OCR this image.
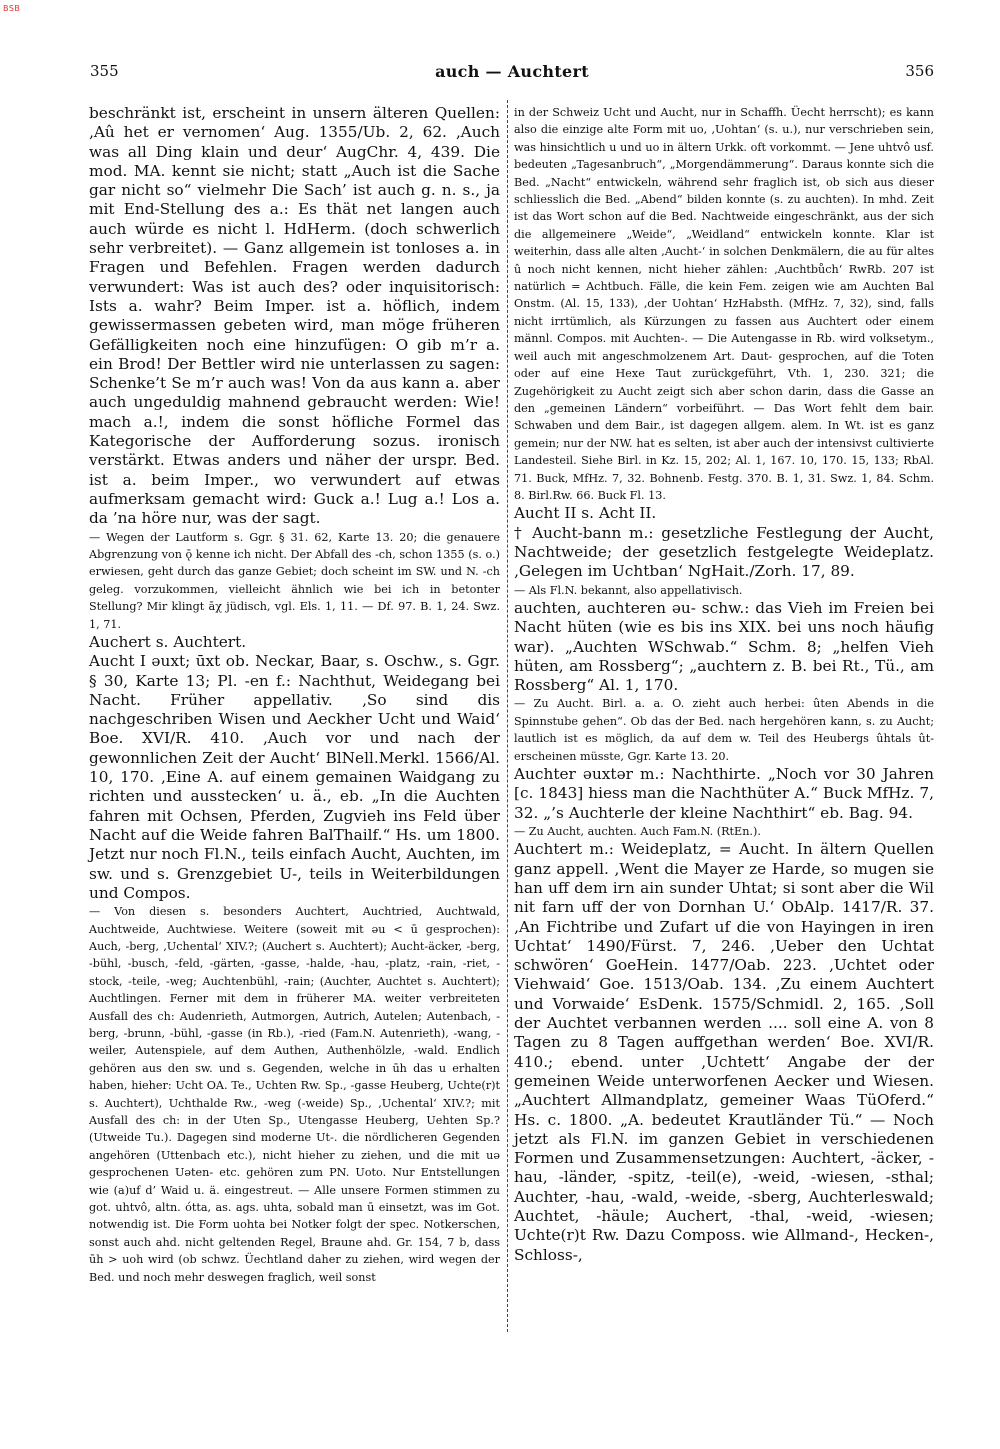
BSB
355	auch — Auchtert	356

beschränkt ist, erscheint in unsern älteren Quellen: ‚Aû het er vernomen‘ Aug. 1355/Ub. 2, 62. ‚Auch was all Ding klain und deur‘ AugChr. 4, 439. Die mod. MA. kennt sie nicht; statt „Auch ist die Sache gar nicht so“ vielmehr Die Sach’ ist auch g. n. s., ja mit End-Stellung des a.: Es thät net langen auch auch würde es nicht l. HdHerm. (doch schwerlich sehr verbreitet). — Ganz allgemein ist tonloses a. in Fragen und Befehlen. Fragen werden dadurch verwundert: Was ist auch des? oder inquisitorisch: Ists a. wahr? Beim Imper. ist a. höflich, indem gewissermassen gebeten wird, man möge früheren Gefälligkeiten noch eine hinzufügen: O gib m’r a. ein Brod! Der Bettler wird nie unterlassen zu sagen: Schenke’t Se m’r auch was! Von da aus kann a. aber auch ungeduldig mahnend gebraucht werden: Wie! mach a.!, indem die sonst höfliche Formel das Kategorische der Aufforderung sozus. ironisch verstärkt. Etwas anders und näher der urspr. Bed. ist a. beim Imper., wo verwundert auf etwas aufmerksam gemacht wird: Guck a.! Lug a.! Los a. da ’na höre nur, was der sagt.

— Wegen der Lautform s. Ggr. § 31. 62, Karte 13. 20; die genauere Abgrenzung von ǭ kenne ich nicht. Der Abfall des -ch, schon 1355 (s. o.) erwiesen, geht durch das ganze Gebiet; doch scheint im SW. und N. -ch geleg. vorzukommen, vielleicht ähnlich wie bei ich in betonter Stellung? Mir klingt āχ jüdisch, vgl. Els. 1, 11. — Df. 97. B. 1, 24. Swz. 1, 71.

Auchert s. Auchtert.

Aucht I əuxt; ūxt ob. Neckar, Baar, s. Oschw., s. Ggr. § 30, Karte 13; Pl. -en f.: Nachthut, Weidegang bei Nacht. Früher appellativ. ‚So sind dis nachgeschriben Wisen und Aeckher Ucht und Waid‘ Boe. XVI/R. 410. ‚Auch vor und nach der gewonnlichen Zeit der Aucht‘ BlNell.Merkl. 1566/Al. 10, 170. ‚Eine A. auf einem gemainen Waidgang zu richten und ausstecken‘ u. ä., eb. „In die Auchten fahren mit Ochsen, Pferden, Zugvieh ins Feld über Nacht auf die Weide fahren BalThailf.“ Hs. um 1800. Jetzt nur noch Fl.N., teils einfach Aucht, Auchten, im sw. und s. Grenzgebiet U-, teils in Weiterbildungen und Compos.

— Von diesen s. besonders Auchtert, Auchtried, Auchtwald, Auchtweide, Auchtwiese. Weitere (soweit mit əu < ū gesprochen): Auch, -berg, ‚Uchental‘ XIV.?; (Auchert s. Auchtert); Aucht-äcker, -berg, -bühl, -busch, -feld, -gärten, -gasse, -halde, -hau, -platz, -rain, -riet, -stock, -teile, -weg; Auchtenbühl, -rain; (Auchter, Auchtet s. Auchtert); Auchtlingen. Ferner mit dem in früherer MA. weiter verbreiteten Ausfall des ch: Audenrieth, Autmorgen, Autrich, Autelen; Autenbach, -berg, -brunn, -bühl, -gasse (in Rb.), -ried (Fam.N. Autenrieth), -wang, -weiler, Autenspiele, auf dem Authen, Authenhölzle, -wald. Endlich gehören aus den sw. und s. Gegenden, welche in ūh das u erhalten haben, hieher: Ucht OA. Te., Uchten Rw. Sp., -gasse Heuberg, Uchte(r)t s. Auchtert), Uchthalde Rw., -weg (-weide) Sp., ‚Uchental‘ XIV.?; mit Ausfall des ch: in der Uten Sp., Utengasse Heuberg, Uehten Sp.? (Utweide Tu.). Dagegen sind moderne Ut-. die nördlicheren Gegenden angehören (Uttenbach etc.), nicht hieher zu ziehen, und die mit uə gesprochenen Uəten- etc. gehören zum PN. Uoto. Nur Entstellungen wie (a)uf d’ Waid u. ä. eingestreut. — Alle unsere Formen stimmen zu got. uhtvô, altn. ótta, as. ags. uhta, sobald man ū einsetzt, was im Got. notwendig ist. Die Form uohta bei Notker folgt der spec. Notkerschen, sonst auch ahd. nicht geltenden Regel, Braune ahd. Gr. 154, 7 b, dass ūh > uoh wird (ob schwz. Üechtland daher zu ziehen, wird wegen der Bed. und noch mehr deswegen fraglich, weil sonst

in der Schweiz Ucht und Aucht, nur in Schaffh. Üecht herrscht); es kann also die einzige alte Form mit uo, ‚Uohtan‘ (s. u.), nur verschrieben sein, was hinsichtlich u und uo in ältern Urkk. oft vorkommt. — Jene uhtvô usf. bedeuten „Tagesanbruch“, „Morgendämmerung“. Daraus konnte sich die Bed. „Nacht“ entwickeln, während sehr fraglich ist, ob sich aus dieser schliesslich die Bed. „Abend“ bilden konnte (s. zu auchten). In mhd. Zeit ist das Wort schon auf die Bed. Nachtweide eingeschränkt, aus der sich die allgemeinere „Weide“, „Weidland“ entwickeln konnte. Klar ist weiterhin, dass alle alten ‚Aucht-‘ in solchen Denkmälern, die au für altes û noch nicht kennen, nicht hieher zählen: ‚Auchtbůch‘ RwRb. 207 ist natürlich = Achtbuch. Fälle, die kein Fem. zeigen wie am Auchten Bal Onstm. (Al. 15, 133), ‚der Uohtan‘ HzHabsth. (MfHz. 7, 32), sind, falls nicht irrtümlich, als Kürzungen zu fassen aus Auchtert oder einem männl. Compos. mit Auchten-. — Die Autengasse in Rb. wird volksetym., weil auch mit angeschmolzenem Art. Daut- gesprochen, auf die Toten oder auf eine Hexe Taut zurückgeführt, Vth. 1, 230. 321; die Zugehörigkeit zu Aucht zeigt sich aber schon darin, dass die Gasse an den „gemeinen Ländern“ vorbeiführt. — Das Wort fehlt dem bair. Schwaben und dem Bair., ist dagegen allgem. alem. In Wt. ist es ganz gemein; nur der NW. hat es selten, ist aber auch der intensivst cultivierte Landesteil. Siehe Birl. in Kz. 15, 202; Al. 1, 167. 10, 170. 15, 133; RbAl. 71. Buck, MfHz. 7, 32. Bohnenb. Festg. 370. B. 1, 31. Swz. 1, 84. Schm. 8. Birl.Rw. 66. Buck Fl. 13.

Aucht II s. Acht II.

† Aucht-bann m.: gesetzliche Festlegung der Aucht, Nachtweide; der gesetzlich festgelegte Weideplatz. ‚Gelegen im Uchtban‘ NgHait./Zorh. 17, 89.

— Als Fl.N. bekannt, also appellativisch.

auchten, auchteren əu- schw.: das Vieh im Freien bei Nacht hüten (wie es bis ins XIX. bei uns noch häufig war). „Auchten WSchwab.“ Schm. 8; „helfen Vieh hüten, am Rossberg“; „auchtern z. B. bei Rt., Tü., am Rossberg“ Al. 1, 170.

— Zu Aucht. Birl. a. a. O. zieht auch herbei: ûten Abends in die Spinnstube gehen“. Ob das der Bed. nach hergehören kann, s. zu Aucht; lautlich ist es möglich, da auf dem w. Teil des Heubergs ûhtals ût- erscheinen müsste, Ggr. Karte 13. 20.

Auchter əuxtər m.: Nachthirte. „Noch vor 30 Jahren [c. 1843] hiess man die Nachthüter A.“ Buck MfHz. 7, 32. „’s Auchterle der kleine Nachthirt“ eb. Bag. 94.

— Zu Aucht, auchten. Auch Fam.N. (RtEn.).

Auchtert m.: Weideplatz, = Aucht. In ältern Quellen ganz appell. ‚Went die Mayer ze Harde, so mugen sie han uff dem irn ain sunder Uhtat; si sont aber die Wil nit farn uff der von Dornhan U.‘ ObAlp. 1417/R. 37. ‚An Fichtribe und Zufart uf die von Hayingen in iren Uchtat‘ 1490/Fürst. 7, 246. ‚Ueber den Uchtat schwören‘ GoeHein. 1477/Oab. 223. ‚Uchtet oder Viehwaid‘ Goe. 1513/Oab. 134. ‚Zu einem Auchtert und Vorwaide‘ EsDenk. 1575/Schmidl. 2, 165. ‚Soll der Auchtet verbannen werden .... soll eine A. von 8 Tagen zu 8 Tagen auffgethan werden‘ Boe. XVI/R. 410.; ebend. unter ‚Uchtett‘ Angabe der der gemeinen Weide unterworfenen Aecker und Wiesen. „Auchtert Allmandplatz, gemeiner Waas TüOferd.“ Hs. c. 1800. „A. bedeutet Krautländer Tü.“ — Noch jetzt als Fl.N. im ganzen Gebiet in verschiedenen Formen und Zusammensetzungen: Auchtert, -äcker, -hau, -länder, -spitz, -teil(e), -weid, -wiesen, -sthal; Auchter, -hau, -wald, -weide, -sberg, Auchterleswald; Auchtet, -häule; Auchert, -thal, -weid, -wiesen; Uchte(r)t Rw. Dazu Composs. wie Allmand-, Hecken-, Schloss-,
